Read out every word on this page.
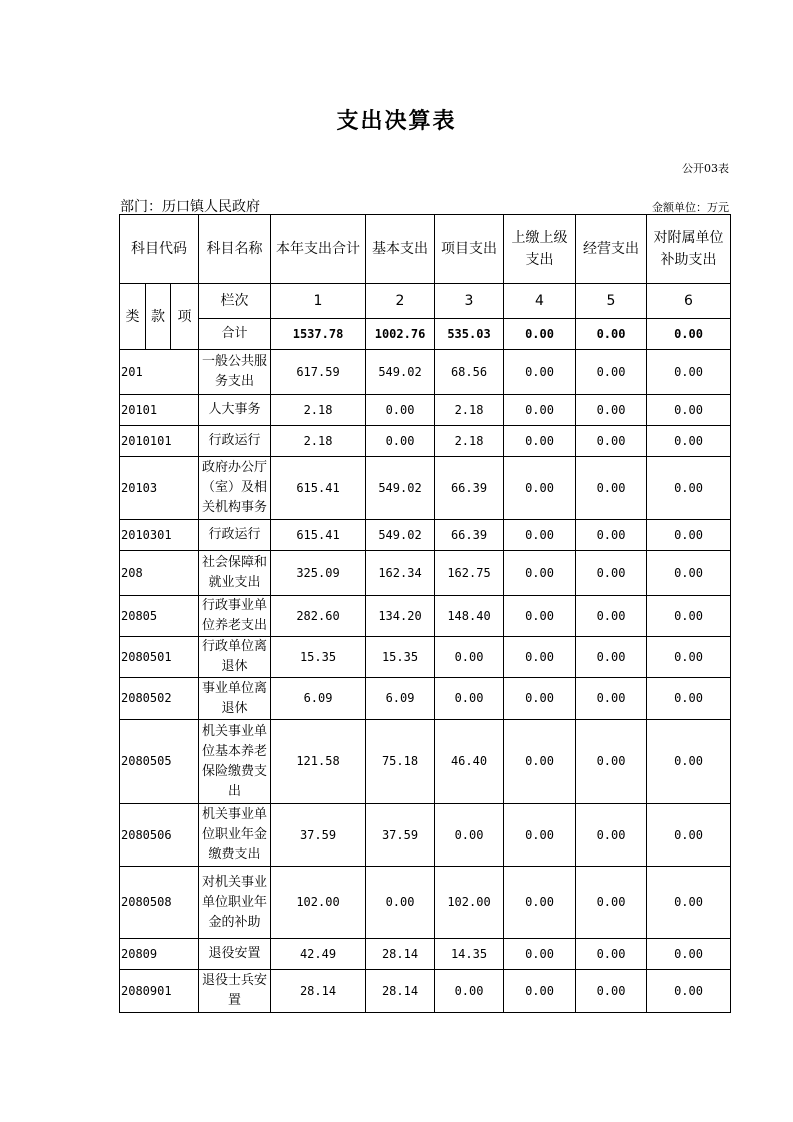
支出决算表
公开03表
部门：历口镇人民政府	金额单位：万元
科目代码			科目名称	本年支出合计	基本支出	项目支出	上缴上级支出	经营支出	对附属单位补助支出
类	款	项	栏次	1	2	3	4	5	6
			合计	1537.78	1002.76	535.03	0.00	0.00	0.00
201			一般公共服务支出	617.59	549.02	68.56	0.00	0.00	0.00
20101			人大事务	2.18	0.00	2.18	0.00	0.00	0.00
2010101			行政运行	2.18	0.00	2.18	0.00	0.00	0.00
20103			政府办公厅（室）及相关机构事务	615.41	549.02	66.39	0.00	0.00	0.00
2010301			行政运行	615.41	549.02	66.39	0.00	0.00	0.00
208			社会保障和就业支出	325.09	162.34	162.75	0.00	0.00	0.00
20805			行政事业单位养老支出	282.60	134.20	148.40	0.00	0.00	0.00
2080501			行政单位离退休	15.35	15.35	0.00	0.00	0.00	0.00
2080502			事业单位离退休	6.09	6.09	0.00	0.00	0.00	0.00
2080505			机关事业单位基本养老保险缴费支出	121.58	75.18	46.40	0.00	0.00	0.00
2080506			机关事业单位职业年金缴费支出	37.59	37.59	0.00	0.00	0.00	0.00
2080508			对机关事业单位职业年金的补助	102.00	0.00	102.00	0.00	0.00	0.00
20809			退役安置	42.49	28.14	14.35	0.00	0.00	0.00
2080901			退役士兵安置	28.14	28.14	0.00	0.00	0.00	0.00
